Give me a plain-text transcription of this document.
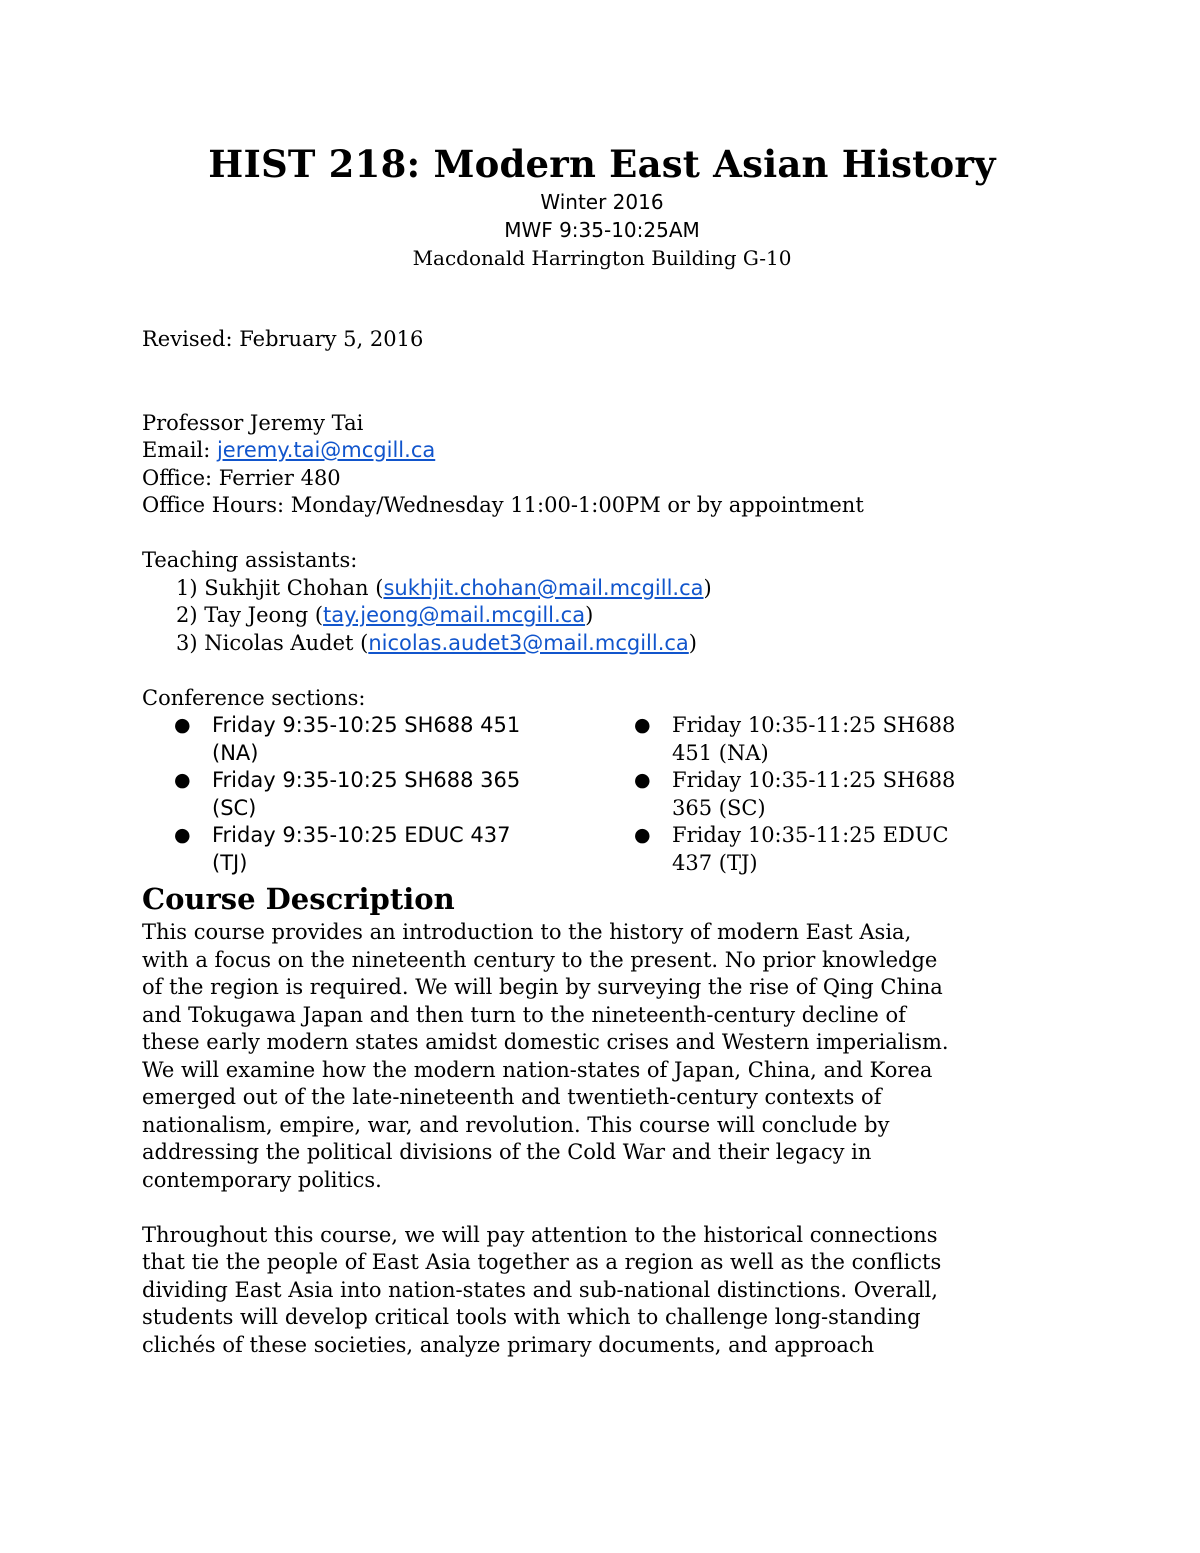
HIST 218: Modern East Asian History
Winter 2016
MWF 9:35-10:25AM
Macdonald Harrington Building G-10
Revised: February 5, 2016
Professor Jeremy Tai
Email: jeremy.tai@mcgill.ca
Office: Ferrier 480
Office Hours: Monday/Wednesday 11:00-1:00PM or by appointment
Teaching assistants:
1) Sukhjit Chohan (sukhjit.chohan@mail.mcgill.ca)
2) Tay Jeong (tay.jeong@mail.mcgill.ca)
3) Nicolas Audet (nicolas.audet3@mail.mcgill.ca)
Conference sections:
● Friday 9:35-10:25 SH688 451 (NA)
● Friday 9:35-10:25 SH688 365 (SC)
● Friday 9:35-10:25 EDUC 437 (TJ)
● Friday 10:35-11:25 SH688 451 (NA)
● Friday 10:35-11:25 SH688 365 (SC)
● Friday 10:35-11:25 EDUC 437 (TJ)
Course Description

This course provides an introduction to the history of modern East Asia,
with a focus on the nineteenth century to the present. No prior knowledge
of the region is required. We will begin by surveying the rise of Qing China
and Tokugawa Japan and then turn to the nineteenth-century decline of
these early modern states amidst domestic crises and Western imperialism.
We will examine how the modern nation-states of Japan, China, and Korea
emerged out of the late-nineteenth and twentieth-century contexts of
nationalism, empire, war, and revolution. This course will conclude by
addressing the political divisions of the Cold War and their legacy in
contemporary politics.

Throughout this course, we will pay attention to the historical connections
that tie the people of East Asia together as a region as well as the conflicts
dividing East Asia into nation-states and sub-national distinctions. Overall,
students will develop critical tools with which to challenge long-standing
clichés of these societies, analyze primary documents, and approach
